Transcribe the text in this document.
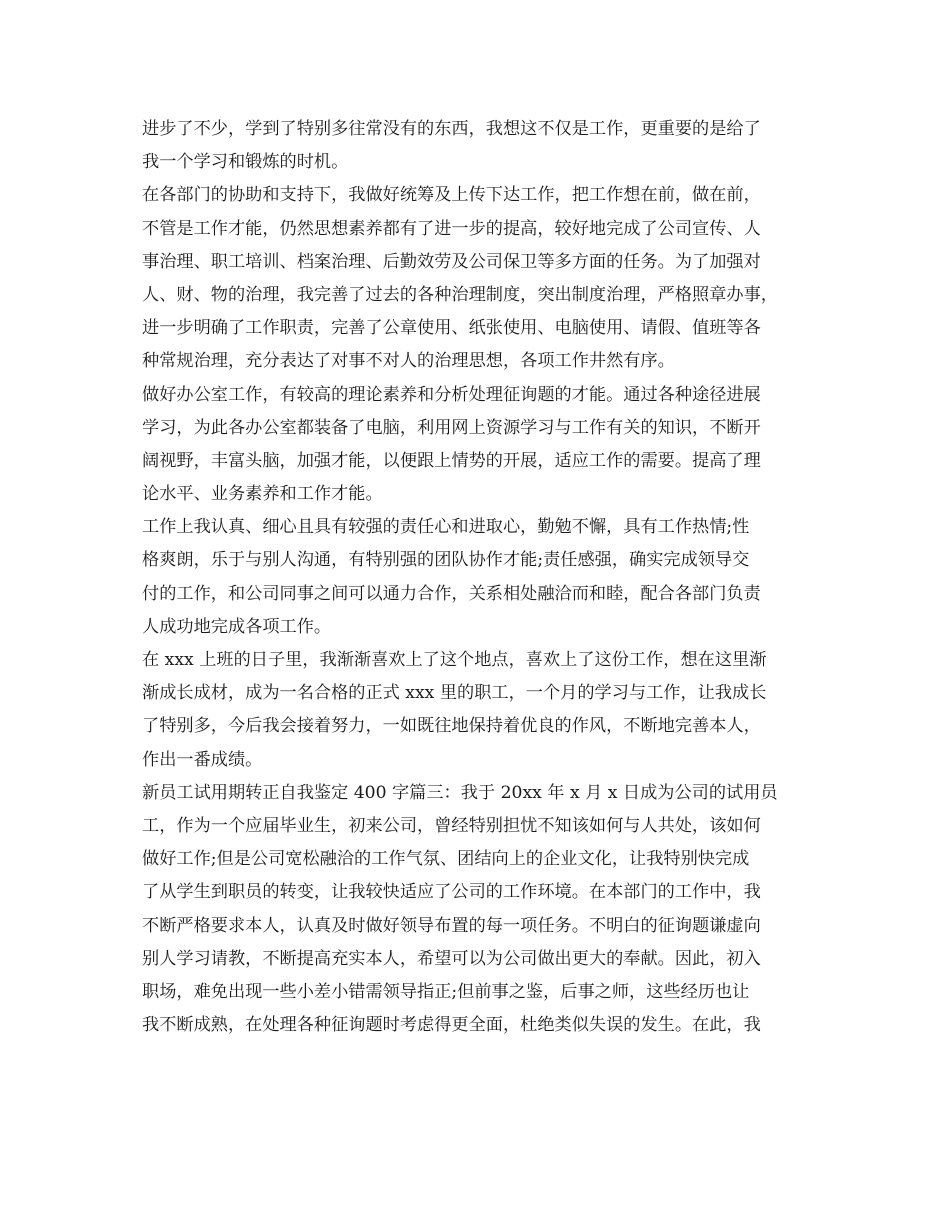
进步了不少，学到了特别多往常没有的东西，我想这不仅是工作，更重要的是给了
我一个学习和锻炼的时机。
在各部门的协助和支持下，我做好统筹及上传下达工作，把工作想在前，做在前，
不管是工作才能，仍然思想素养都有了进一步的提高，较好地完成了公司宣传、人
事治理、职工培训、档案治理、后勤效劳及公司保卫等多方面的任务。为了加强对
人、财、物的治理，我完善了过去的各种治理制度，突出制度治理，严格照章办事，
进一步明确了工作职责，完善了公章使用、纸张使用、电脑使用、请假、值班等各
种常规治理，充分表达了对事不对人的治理思想，各项工作井然有序。
做好办公室工作，有较高的理论素养和分析处理征询题的才能。通过各种途径进展
学习，为此各办公室都装备了电脑，利用网上资源学习与工作有关的知识，不断开
阔视野，丰富头脑，加强才能，以便跟上情势的开展，适应工作的需要。提高了理
论水平、业务素养和工作才能。
工作上我认真、细心且具有较强的责任心和进取心，勤勉不懈，具有工作热情;性
格爽朗，乐于与别人沟通，有特别强的团队协作才能;责任感强，确实完成领导交
付的工作，和公司同事之间可以通力合作，关系相处融洽而和睦，配合各部门负责
人成功地完成各项工作。
在 xxx 上班的日子里，我渐渐喜欢上了这个地点，喜欢上了这份工作，想在这里渐
渐成长成材，成为一名合格的正式 xxx 里的职工，一个月的学习与工作，让我成长
了特别多，今后我会接着努力，一如既往地保持着优良的作风，不断地完善本人，
作出一番成绩。
新员工试用期转正自我鉴定 400 字篇三：我于 20xx 年 x 月 x 日成为公司的试用员
工，作为一个应届毕业生，初来公司，曾经特别担忧不知该如何与人共处，该如何
做好工作;但是公司宽松融洽的工作气氛、团结向上的企业文化，让我特别快完成
了从学生到职员的转变，让我较快适应了公司的工作环境。在本部门的工作中，我
不断严格要求本人，认真及时做好领导布置的每一项任务。不明白的征询题谦虚向
别人学习请教，不断提高充实本人，希望可以为公司做出更大的奉献。因此，初入
职场，难免出现一些小差小错需领导指正;但前事之鉴，后事之师，这些经历也让
我不断成熟，在处理各种征询题时考虑得更全面，杜绝类似失误的发生。在此，我
